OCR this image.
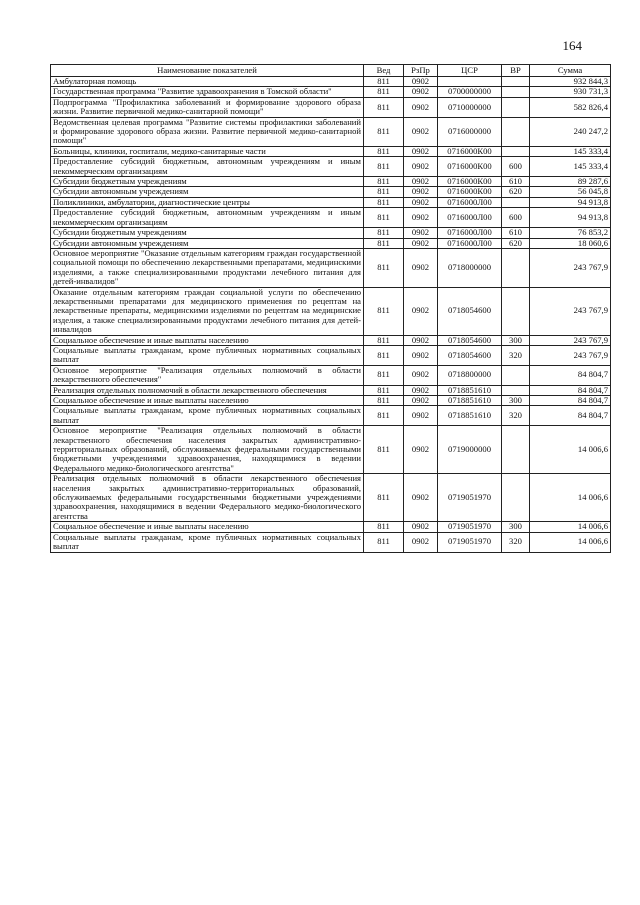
164
Наименование показателей	Вед	РзПр	ЦСР	ВР	Сумма
Амбулаторная помощь	811	0902			932 844,3
Государственная программа "Развитие здравоохранения в Томской области"	811	0902	0700000000		930 731,3
Подпрограмма "Профилактика заболеваний и формирование здорового образа жизни. Развитие первичной медико-санитарной помощи"	811	0902	0710000000		582 826,4
Ведомственная целевая программа "Развитие системы профилактики заболеваний и формирование здорового образа жизни. Развитие первичной медико-санитарной помощи"	811	0902	0716000000		240 247,2
Больницы, клиники, госпитали, медико-санитарные части	811	0902	0716000К00		145 333,4
Предоставление субсидий бюджетным, автономным учреждениям и иным некоммерческим организациям	811	0902	0716000К00	600	145 333,4
Субсидии бюджетным учреждениям	811	0902	0716000К00	610	89 287,6
Субсидии автономным учреждениям	811	0902	0716000К00	620	56 045,8
Поликлиники, амбулатории, диагностические центры	811	0902	0716000Л00		94 913,8
Предоставление субсидий бюджетным, автономным учреждениям и иным некоммерческим организациям	811	0902	0716000Л00	600	94 913,8
Субсидии бюджетным учреждениям	811	0902	0716000Л00	610	76 853,2
Субсидии автономным учреждениям	811	0902	0716000Л00	620	18 060,6
Основное мероприятие "Оказание отдельным категориям граждан государственной социальной помощи по обеспечению лекарственными препаратами, медицинскими изделиями, а также специализированными продуктами лечебного питания для детей-инвалидов"	811	0902	0718000000		243 767,9
Оказание отдельным категориям граждан социальной услуги по обеспечению лекарственными препаратами для медицинского применения по рецептам на лекарственные препараты, медицинскими изделиями по рецептам на медицинские изделия, а также специализированными продуктами лечебного питания для детей-инвалидов	811	0902	0718054600		243 767,9
Социальное обеспечение и иные выплаты населению	811	0902	0718054600	300	243 767,9
Социальные выплаты гражданам, кроме публичных нормативных социальных выплат	811	0902	0718054600	320	243 767,9
Основное мероприятие "Реализация отдельных полномочий в области лекарственного обеспечения"	811	0902	0718800000		84 804,7
Реализация отдельных полномочий в области лекарственного обеспечения	811	0902	0718851610		84 804,7
Социальное обеспечение и иные выплаты населению	811	0902	0718851610	300	84 804,7
Социальные выплаты гражданам, кроме публичных нормативных социальных выплат	811	0902	0718851610	320	84 804,7
Основное мероприятие "Реализация отдельных полномочий в области лекарственного обеспечения населения закрытых административно-территориальных образований, обслуживаемых федеральными государственными бюджетными учреждениями здравоохранения, находящимися в ведении Федерального медико-биологического агентства"	811	0902	0719000000		14 006,6
Реализация отдельных полномочий в области лекарственного обеспечения населения закрытых административно-территориальных образований, обслуживаемых федеральными государственными бюджетными учреждениями здравоохранения, находящимися в ведении Федерального медико-биологического агентства	811	0902	0719051970		14 006,6
Социальное обеспечение и иные выплаты населению	811	0902	0719051970	300	14 006,6
Социальные выплаты гражданам, кроме публичных нормативных социальных выплат	811	0902	0719051970	320	14 006,6
